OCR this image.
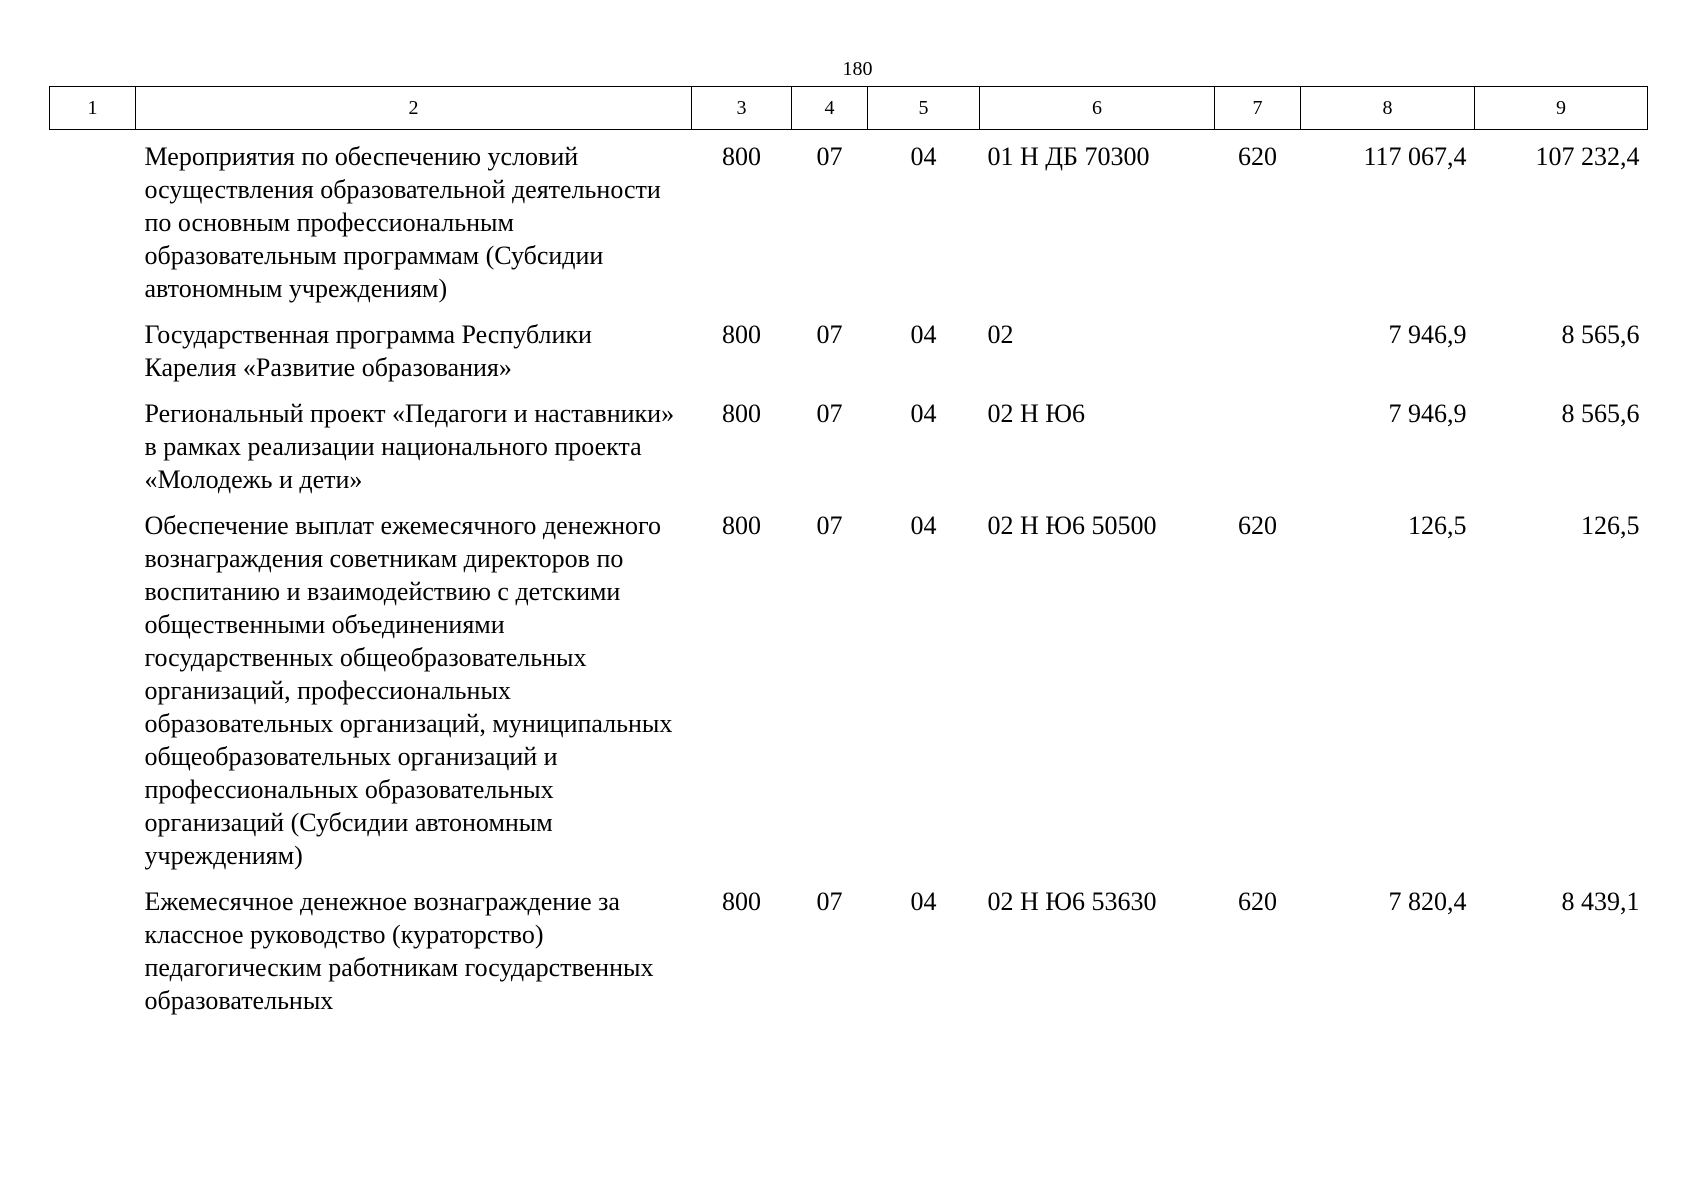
180
1	2	3	4	5	6	7	8	9
	Мероприятия по обеспечению условий осуществления образовательной деятельности по основным профессиональным образовательным программам (Субсидии автономным учреждениям)	800	07	04	01 Н ДБ 70300	620	117 067,4	107 232,4
	Государственная программа Республики Карелия «Развитие образования»	800	07	04	02		7 946,9	8 565,6
	Региональный проект «Педагоги и наставники» в рамках реализации национального проекта «Молодежь и дети»	800	07	04	02 Н Ю6		7 946,9	8 565,6
	Обеспечение выплат ежемесячного денежного вознаграждения советникам директоров по воспитанию и взаимодействию с детскими общественными объединениями государственных общеобразовательных организаций, профессиональных образовательных организаций, муниципальных общеобразовательных организаций и профессиональных образовательных организаций (Субсидии автономным учреждениям)	800	07	04	02 Н Ю6 50500	620	126,5	126,5
	Ежемесячное денежное вознаграждение за классное руководство (кураторство) педагогическим работникам государственных образовательных	800	07	04	02 Н Ю6 53630	620	7 820,4	8 439,1
